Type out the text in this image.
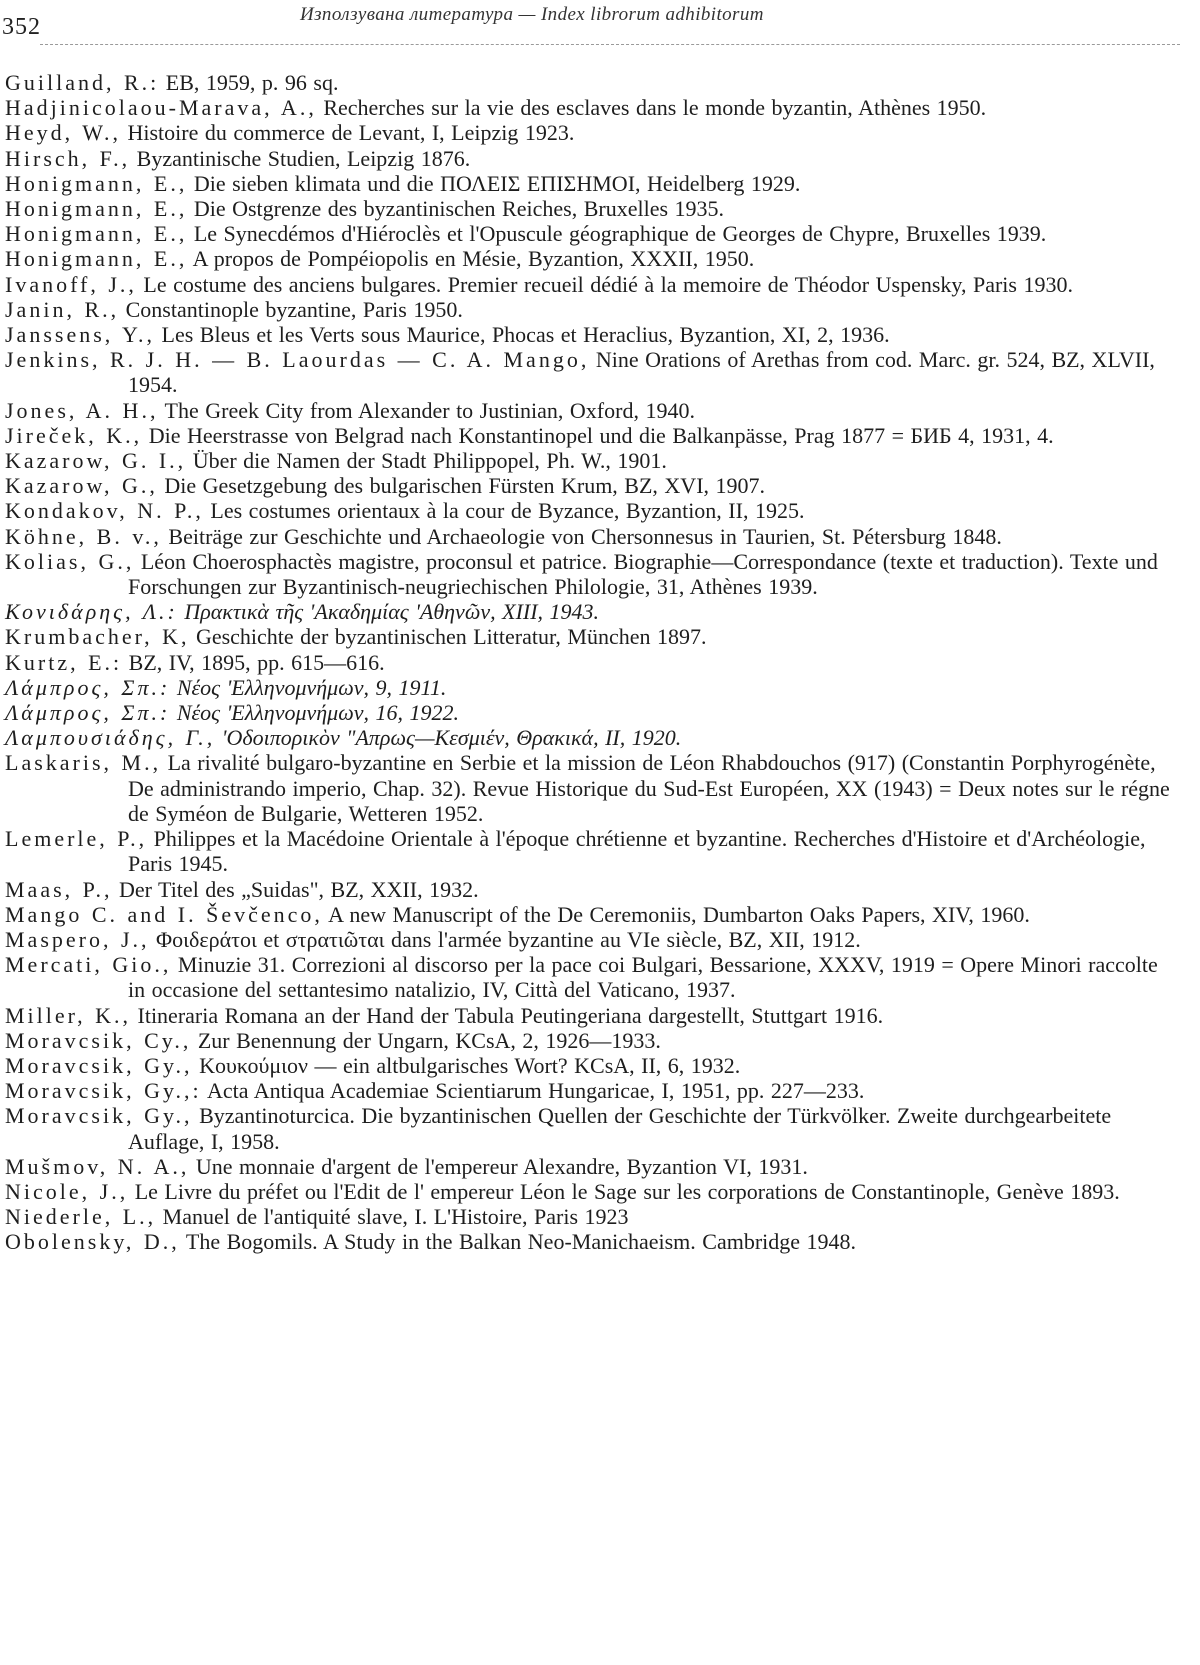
352	Използувана литература — Index librorum adhibitorum
Guilland, R.: EB, 1959, p. 96 sq.
Hadjinicolaou-Marava, A., Recherches sur la vie des esclaves dans le monde byzantin, Athènes 1950.
Heyd, W., Histoire du commerce de Levant, I, Leipzig 1923.
Hirsch, F., Byzantinische Studien, Leipzig 1876.
Honigmann, E., Die sieben klimata und die ΠΟΛΕΙΣ ΕΠΙΣΗΜΟΙ, Heidelberg 1929.
Honigmann, E., Die Ostgrenze des byzantinischen Reiches, Bruxelles 1935.
Honigmann, E., Le Synecdémos d'Hiéroclès et l'Opuscule géographique de Georges de Chypre, Bruxelles 1939.
Honigmann, E., A propos de Pompéiopolis en Mésie, Byzantion, XXXII, 1950.
Ivanoff, J., Le costume des anciens bulgares. Premier recueil dédié à la memoire de Théodor Uspensky, Paris 1930.
Janin, R., Constantinople byzantine, Paris 1950.
Janssens, Y., Les Bleus et les Verts sous Maurice, Phocas et Heraclius, Byzantion, XI, 2, 1936.
Jenkins, R. J. H. — B. Laourdas — C. A. Mango, Nine Orations of Arethas from cod. Marc. gr. 524, BZ, XLVII, 1954.
Jones, A. H., The Greek City from Alexander to Justinian, Oxford, 1940.
Jireček, K., Die Heerstrasse von Belgrad nach Konstantinopel und die Balkanpässe, Prag 1877 = БИБ 4, 1931, 4.
Kazarow, G. I., Über die Namen der Stadt Philippopel, Ph. W., 1901.
Kazarow, G., Die Gesetzgebung des bulgarischen Fürsten Krum, BZ, XVI, 1907.
Kondakov, N. P., Les costumes orientaux à la cour de Byzance, Byzantion, II, 1925.
Köhne, B. v., Beiträge zur Geschichte und Archaeologie von Chersonnesus in Taurien, St. Pétersburg 1848.
Kolias, G., Léon Choerosphactès magistre, proconsul et patrice. Biographie—Correspondance (texte et traduction). Texte und Forschungen zur Byzantinisch-neugriechischen Philologie, 31, Athènes 1939.
Κονιδάρης, Λ.: Πρακτικὰ τῆς 'Ακαδημίας 'Αθηνῶν, XIII, 1943.
Krumbacher, K, Geschichte der byzantinischen Litteratur, München 1897.
Kurtz, E.: BZ, IV, 1895, pp. 615—616.
Λάμπρος, Σπ.: Νέος 'Ελληνομνήμων, 9, 1911.
Λάμπρος, Σπ.: Νέος 'Ελληνομνήμων, 16, 1922.
Λαμπουσιάδης, Γ., 'Οδοιπορικὸν "Απρως—Κεσμιέν, Θρακικά, II, 1920.
Laskaris, M., La rivalité bulgaro-byzantine en Serbie et la mission de Léon Rhabdouchos (917) (Constantin Porphyrogénète, De administrando imperio, Chap. 32). Revue Historique du Sud-Est Européen, XX (1943) = Deux notes sur le régne de Syméon de Bulgarie, Wetteren 1952.
Lemerle, P., Philippes et la Macédoine Orientale à l'époque chrétienne et byzantine. Recherches d'Histoire et d'Archéologie, Paris 1945.
Maas, P., Der Titel des „Suidas", BZ, XXII, 1932.
Mango C. and I. Ševčenco, A new Manuscript of the De Ceremoniis, Dumbarton Oaks Papers, XIV, 1960.
Maspero, J., Φοιδεράτοι et στρατιῶται dans l'armée byzantine au VIe siècle, BZ, XII, 1912.
Mercati, Gio., Minuzie 31. Correzioni al discorso per la pace coi Bulgari, Bessarione, XXXV, 1919 = Opere Minori raccolte in occasione del settantesimo natalizio, IV, Città del Vaticano, 1937.
Miller, K., Itineraria Romana an der Hand der Tabula Peutingeriana dargestellt, Stuttgart 1916.
Moravcsik, Cy., Zur Benennung der Ungarn, KCsA, 2, 1926—1933.
Moravcsik, Gy., Κουκούμιον — ein altbulgarisches Wort? KCsA, II, 6, 1932.
Moravcsik, Gy.,: Acta Antiqua Academiae Scientiarum Hungaricae, I, 1951, pp. 227—233.
Moravcsik, Gy., Byzantinoturcica. Die byzantinischen Quellen der Geschichte der Türkvölker. Zweite durchgearbeitete Auflage, I, 1958.
Mušmov, N. A., Une monnaie d'argent de l'empereur Alexandre, Byzantion VI, 1931.
Nicole, J., Le Livre du préfet ou l'Edit de l' empereur Léon le Sage sur les corporations de Constantinople, Genève 1893.
Niederle, L., Manuel de l'antiquité slave, I. L'Histoire, Paris 1923
Obolensky, D., The Bogomils. A Study in the Balkan Neo-Manichaeism. Cambridge 1948.
